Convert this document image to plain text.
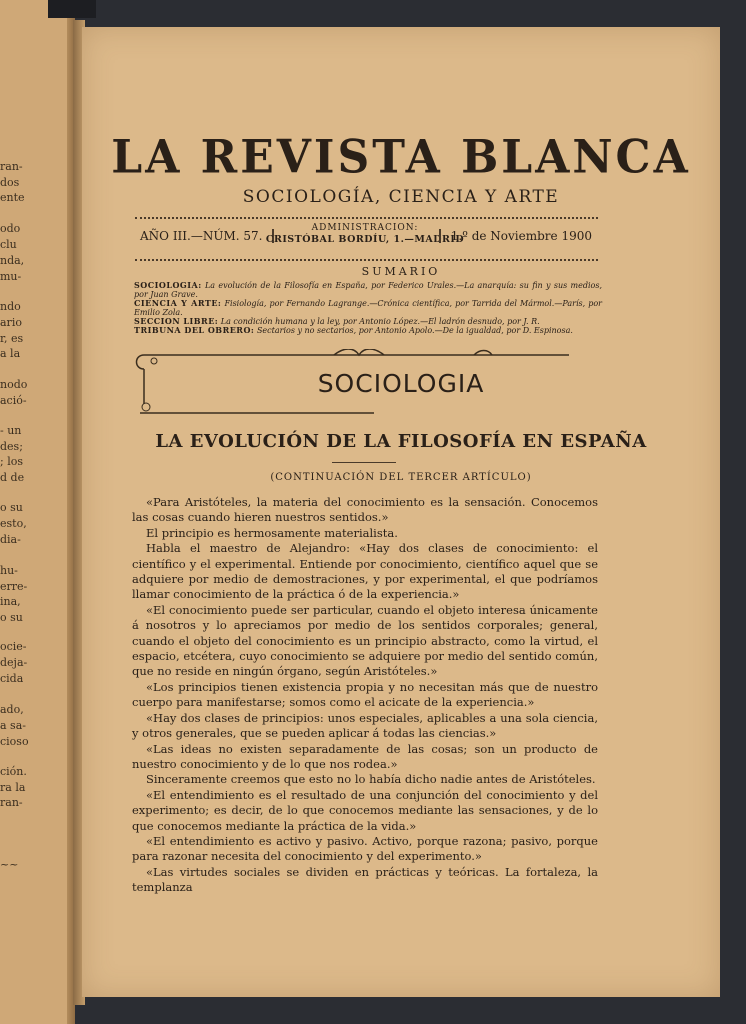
ran-
dos
ente
odo
clu
nda,
mu-
ndo
ario
r, es
a la
nodo
ació-
- un
des;
; los
d de
o su
esto,
dia-
hu-
erre-
ina,
o su
ocie-
deja-
cida
ado,
a sa-
cioso
ción.
ra la
ran-
~~
LA REVISTA BLANCA
SOCIOLOGÍA, CIENCIA Y ARTE
AÑO III.—NÚM. 57.
ADMINISTRACION:
CRISTÓBAL BORDÍU, 1.—MADRID
1.º de Noviembre 1900
SUMARIO
SOCIOLOGIA: La evolución de la Filosofía en España, por Federico Urales.—La anarquía: su fin y sus medios, por Juan Grave.
CIENCIA Y ARTE: Fisiología, por Fernando Lagrange.—Crónica científica, por Tarrida del Mármol.—París, por Emilio Zola.
SECCION LIBRE: La condición humana y la ley, por Antonio López.—El ladrón desnudo, por J. R.
TRIBUNA DEL OBRERO: Sectarios y no sectarios, por Antonio Apolo.—De la igualdad, por D. Espinosa.
SOCIOLOGIA
LA EVOLUCIÓN DE LA FILOSOFÍA EN ESPAÑA
(CONTINUACIÓN DEL TERCER ARTÍCULO)

«Para Aristóteles, la materia del conocimiento es la sensación. Conocemos las cosas cuando hieren nuestros sentidos.»

El principio es hermosamente materialista.

Habla el maestro de Alejandro: «Hay dos clases de conocimiento: el científico y el experimental. Entiende por conocimiento, científico aquel que se adquiere por medio de demostraciones, y por experimental, el que podríamos llamar conocimiento de la práctica ó de la experiencia.»

«El conocimiento puede ser particular, cuando el objeto interesa únicamente á nosotros y lo apreciamos por medio de los sentidos corporales; general, cuando el objeto del conocimiento es un principio abstracto, como la virtud, el espacio, etcétera, cuyo conocimiento se adquiere por medio del sentido común, que no reside en ningún órgano, según Aristóteles.»

«Los principios tienen existencia propia y no necesitan más que de nuestro cuerpo para manifestarse; somos como el acicate de la experiencia.»

«Hay dos clases de principios: unos especiales, aplicables a una sola ciencia, y otros generales, que se pueden aplicar á todas las ciencias.»

«Las ideas no existen separadamente de las cosas; son un producto de nuestro conocimiento y de lo que nos rodea.»

Sinceramente creemos que esto no lo había dicho nadie antes de Aristóteles.

«El entendimiento es el resultado de una conjunción del conocimiento y del experimento; es decir, de lo que conocemos mediante las sensaciones, y de lo que conocemos mediante la práctica de la vida.»

«El entendimiento es activo y pasivo. Activo, porque razona; pasivo, porque para razonar necesita del conocimiento y del experimento.»

«Las virtudes sociales se dividen en prácticas y teóricas. La fortaleza, la templanza
